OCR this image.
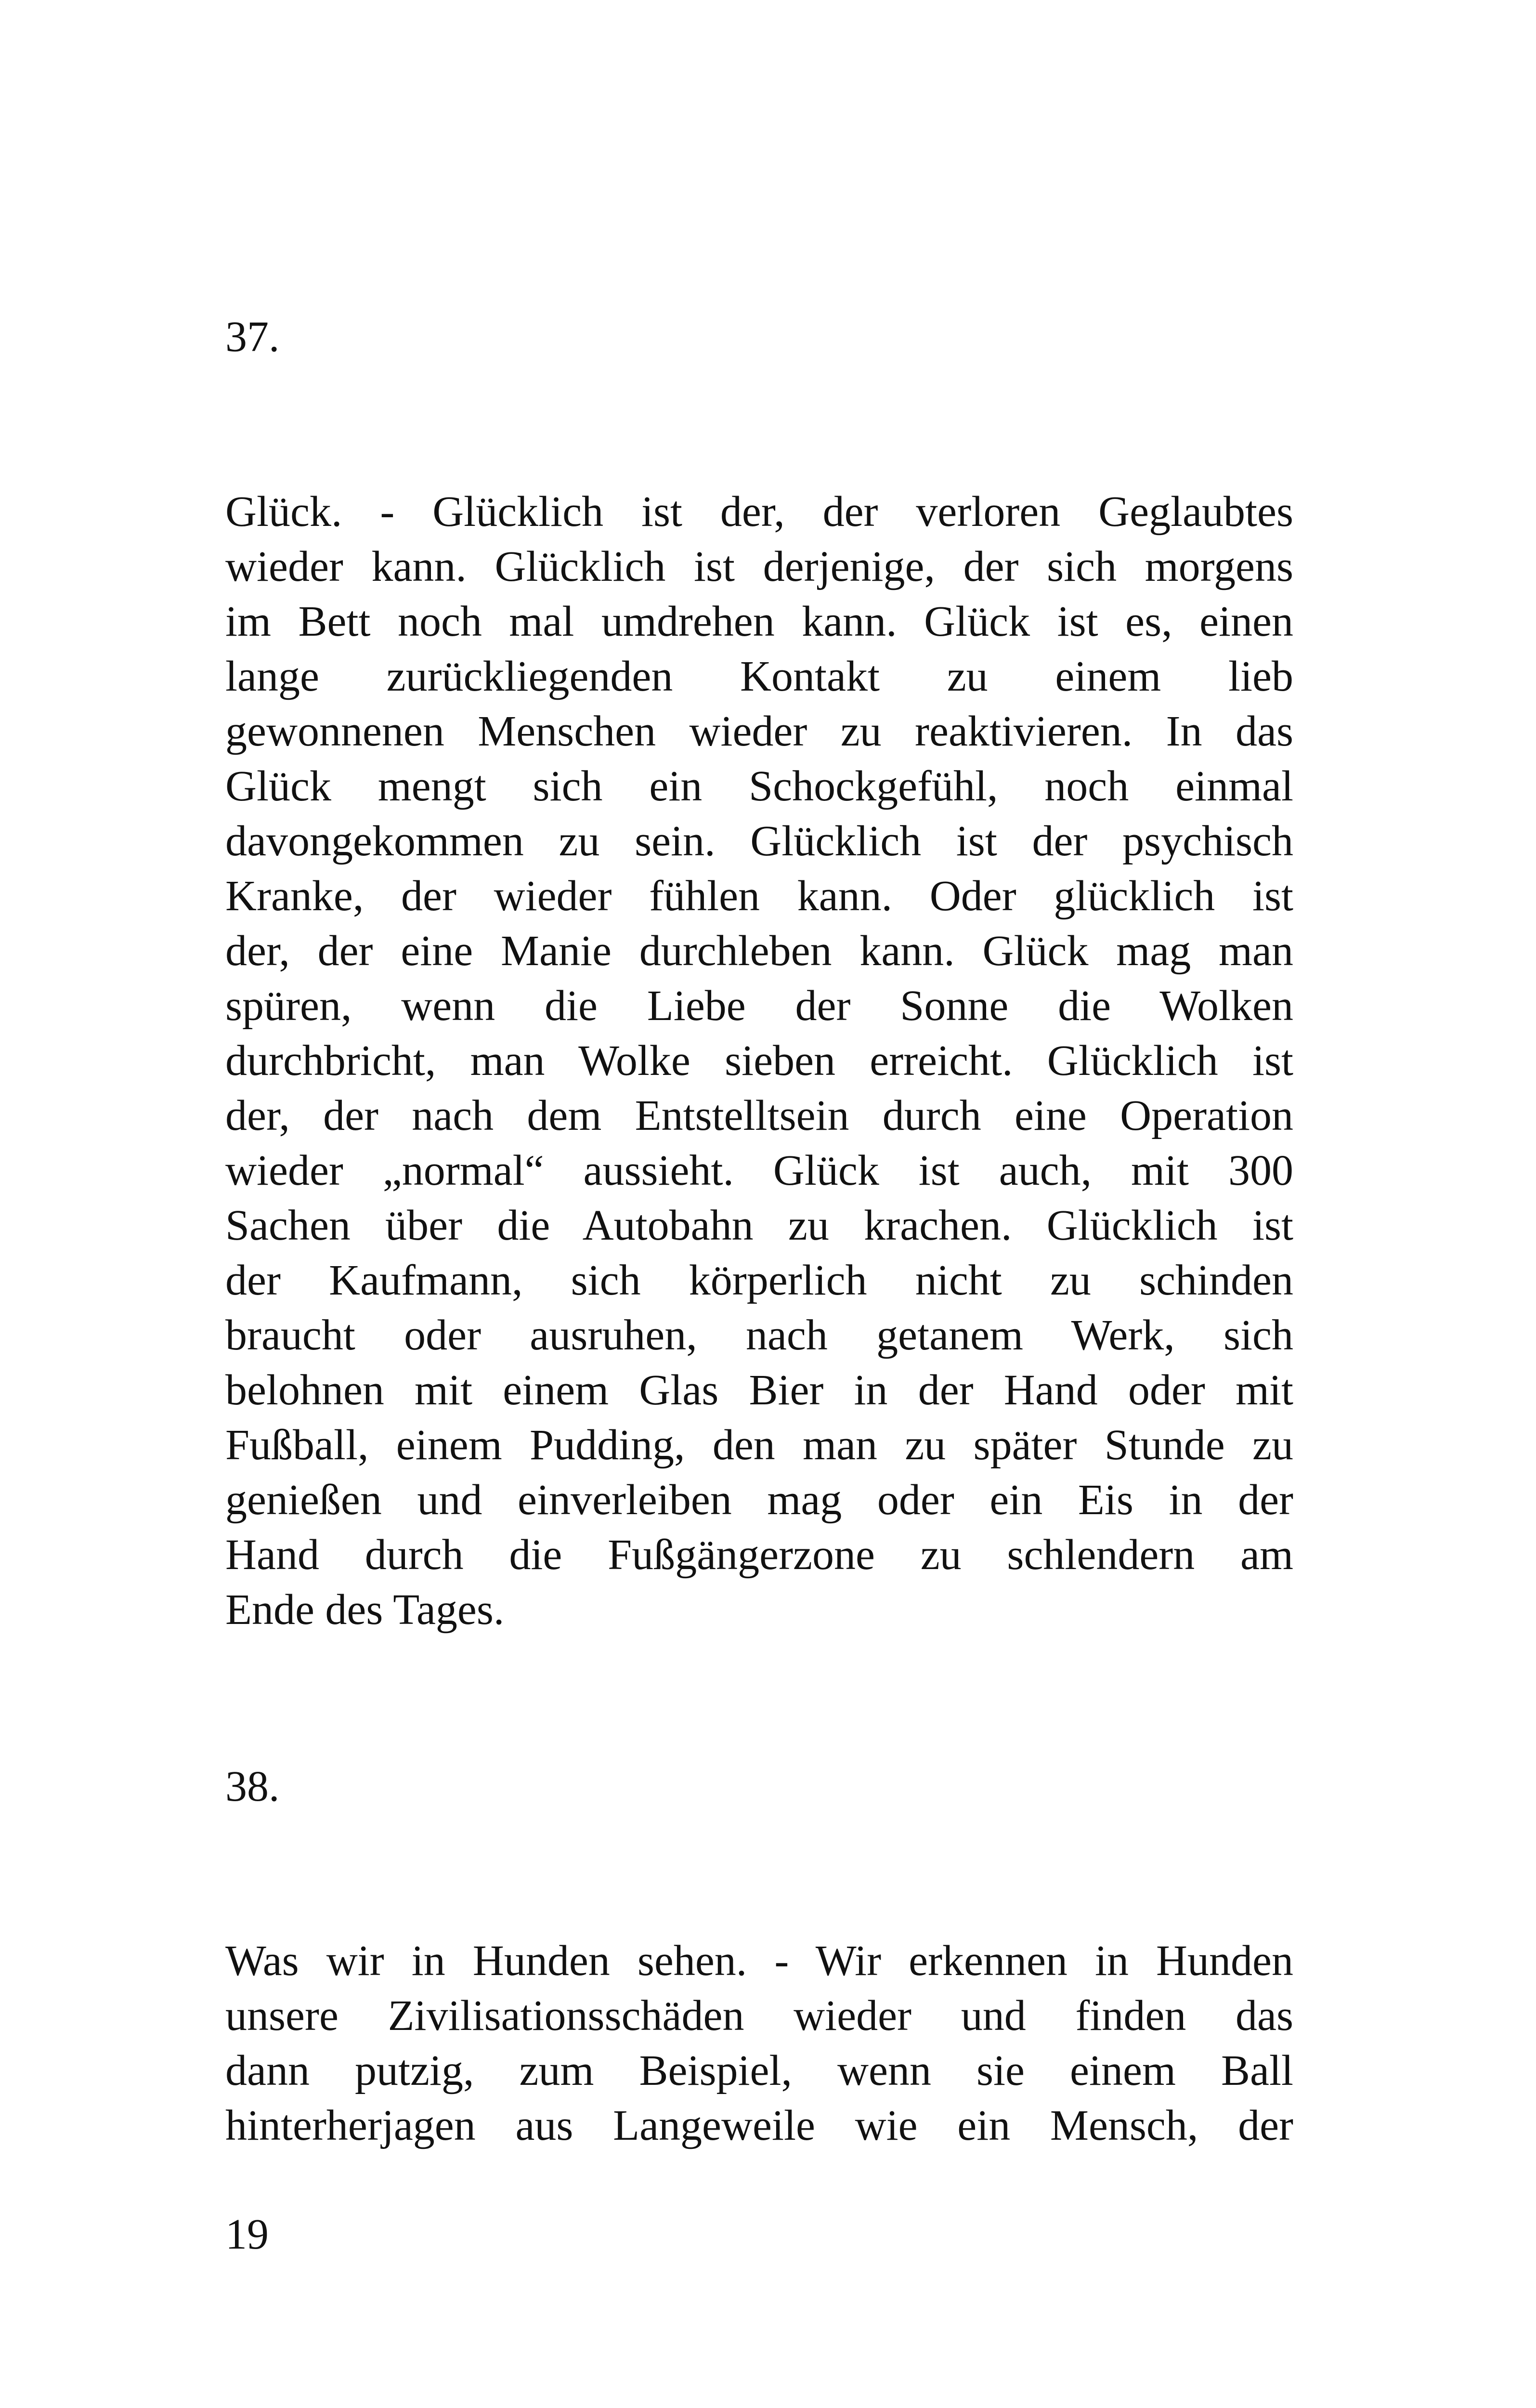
37.

Glück. - Glücklich ist der, der verloren Geglaubtes
wieder kann. Glücklich ist derjenige, der sich morgens
im Bett noch mal umdrehen kann. Glück ist es, einen
lange zurückliegenden Kontakt zu einem lieb
gewonnenen Menschen wieder zu reaktivieren. In das
Glück mengt sich ein Schockgefühl, noch einmal
davongekommen zu sein. Glücklich ist der psychisch
Kranke, der wieder fühlen kann. Oder glücklich ist
der, der eine Manie durchleben kann. Glück mag man
spüren, wenn die Liebe der Sonne die Wolken
durchbricht, man Wolke sieben erreicht. Glücklich ist
der, der nach dem Entstelltsein durch eine Operation
wieder „normal“ aussieht. Glück ist auch, mit 300
Sachen über die Autobahn zu krachen. Glücklich ist
der Kaufmann, sich körperlich nicht zu schinden
braucht oder ausruhen, nach getanem Werk, sich
belohnen mit einem Glas Bier in der Hand oder mit
Fußball, einem Pudding, den man zu später Stunde zu
genießen und einverleiben mag oder ein Eis in der
Hand durch die Fußgängerzone zu schlendern am
Ende des Tages.

38.

Was wir in Hunden sehen. - Wir erkennen in Hunden
unsere Zivilisationsschäden wieder und finden das
dann putzig, zum Beispiel, wenn sie einem Ball
hinterherjagen aus Langeweile wie ein Mensch, der

19
